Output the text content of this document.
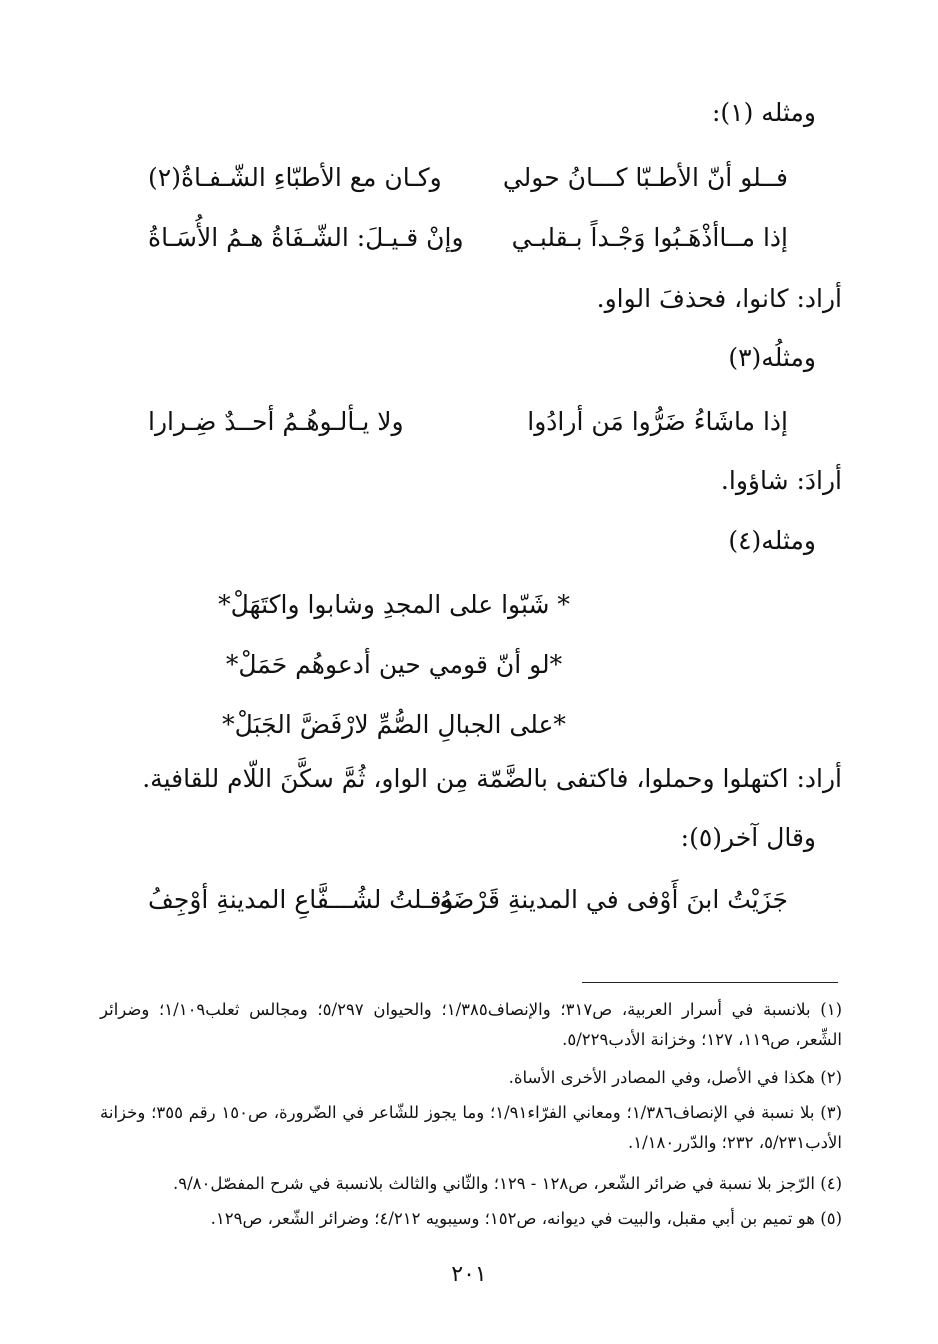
ومثله (١):
فــلو أنّ الأطـبّا كـــانُ حولي
وكـان مع الأطبّاءِ الشّـفـاةُ(٢)
إذا مــاأذْهَـبُوا وَجْـداً بـقلبـي
وإنْ قـيـلَ: الشّـفَاةُ هـمُ الأُسَـاةُ
أراد: كانوا، فحذفَ الواو.
ومثلُه(٣)
إذا ماشَاءُ ضَرُّوا مَن أرادُوا
ولا يـألـوهُـمُ أحــدٌ ضِـرارا
أرادَ: شاؤوا.
ومثله(٤)
* شَبّوا على المجدِ وشابوا واكتَهَلْ*
*لو أنّ قومي حين أدعوهُم حَمَلْ*
*على الجبالِ الصُّمِّ لارْفَضَّ الجَبَلْ*
أراد: اكتهلوا وحملوا، فاكتفى بالضَّمّة مِن الواو، ثُمَّ سكَّنَ اللّام للقافية.
وقال آخر(٥):
جَزَيْتُ ابنَ أَوْفى في المدينةِ قَرْضَهُ
وقـلتُ لشُـــفَّاعِ المدينةِ أوْجِفُ
(١) بلانسبة في أسرار العربية، ص٣١٧؛ والإنصاف١/٣٨٥؛ والحيوان ٥/٢٩٧؛ ومجالس ثعلب١/١٠٩؛ وضرائر الشِّعر، ص١١٩، ١٢٧؛ وخزانة الأدب٥/٢٢٩.
(٢) هكذا في الأصل، وفي المصادر الأخرى الأساة.
(٣) بلا نسبة في الإنصاف١/٣٨٦؛ ومعاني الفرّاء١/٩١؛ وما يجوز للشّاعر في الضّرورة، ص١٥٠ رقم ٣٥٥؛ وخزانة الأدب٥/٢٣١، ٢٣٢؛ والدّرر١/١٨٠.
(٤) الرّجز بلا نسبة في ضرائر الشّعر، ص١٢٨ - ١٢٩؛ والثّاني والثالث بلانسبة في شرح المفصّل٩/٨٠.
(٥) هو تميم بن أبي مقبل، والبيت في ديوانه، ص١٥٢؛ وسيبويه ٤/٢١٢؛ وضرائر الشّعر، ص١٢٩.
٢٠١
